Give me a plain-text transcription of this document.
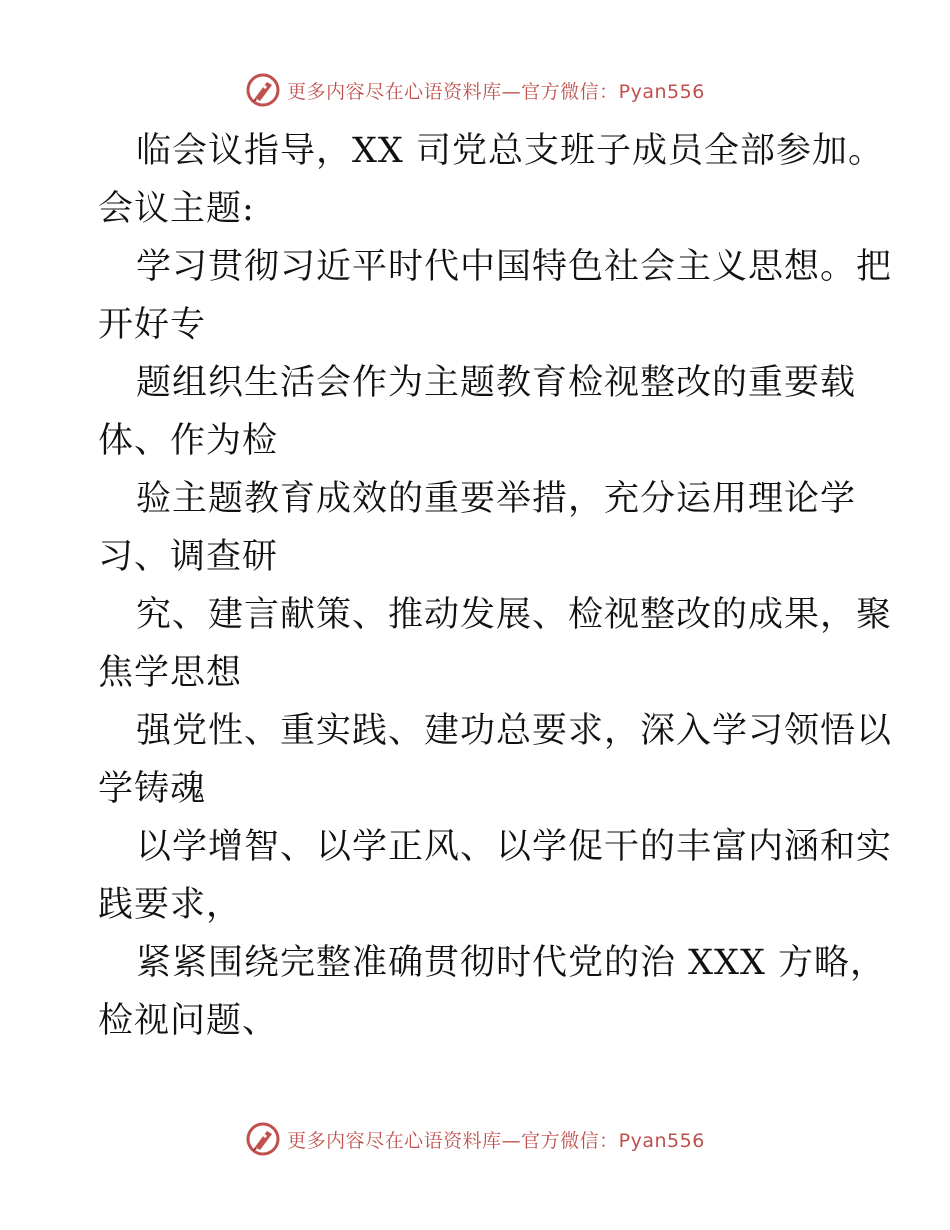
更多内容尽在心语资料库—官方微信：Pyan556
临会议指导，XX 司党总支班子成员全部参加。
会议主题:
学习贯彻习近平时代中国特色社会主义思想。把
开好专
题组织生活会作为主题教育检视整改的重要载
体、作为检
验主题教育成效的重要举措，充分运用理论学
习、调查研
究、建言献策、推动发展、检视整改的成果，聚
焦学思想
强党性、重实践、建功总要求，深入学习领悟以
学铸魂
以学增智、以学正风、以学促干的丰富内涵和实
践要求，
紧紧围绕完整准确贯彻时代党的治 XXX 方略，
检视问题、
更多内容尽在心语资料库—官方微信：Pyan556
